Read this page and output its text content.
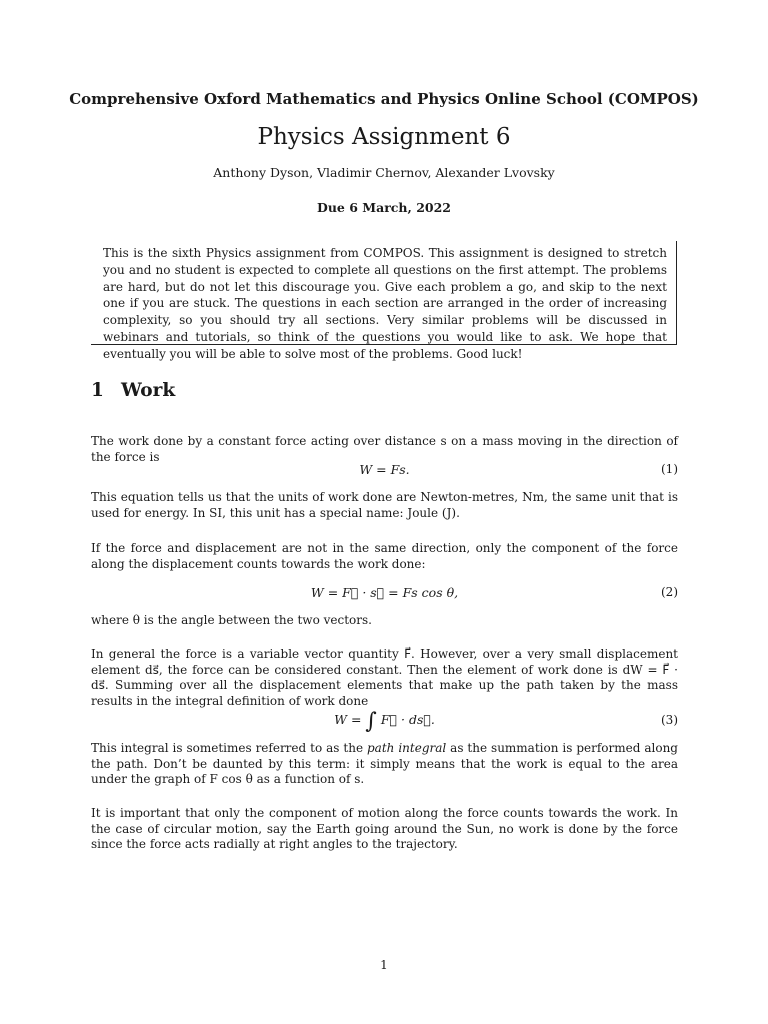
Comprehensive Oxford Mathematics and Physics Online School (COMPOS)
Physics Assignment 6
Anthony Dyson, Vladimir Chernov, Alexander Lvovsky
Due 6 March, 2022
This is the sixth Physics assignment from COMPOS. This assignment is designed to stretch you and no student is expected to complete all questions on the first attempt. The problems are hard, but do not let this discourage you. Give each problem a go, and skip to the next one if you are stuck. The questions in each section are arranged in the order of increasing complexity, so you should try all sections. Very similar problems will be discussed in webinars and tutorials, so think of the questions you would like to ask. We hope that eventually you will be able to solve most of the problems. Good luck!
1 Work
The work done by a constant force acting over distance s on a mass moving in the direction of the force is
W = Fs.	(1)
This equation tells us that the units of work done are Newton-metres, Nm, the same unit that is used for energy. In SI, this unit has a special name: Joule (J).
If the force and displacement are not in the same direction, only the component of the force along the displacement counts towards the work done:
W = F⃗ · s⃗ = Fs cos θ,	(2)
where θ is the angle between the two vectors.
In general the force is a variable vector quantity F⃗. However, over a very small displacement element ds⃗, the force can be considered constant. Then the element of work done is dW = F⃗ · ds⃗. Summing over all the displacement elements that make up the path taken by the mass results in the integral definition of work done
W = ∫ F⃗ · ds⃗.	(3)
This integral is sometimes referred to as the path integral as the summation is performed along the path. Don’t be daunted by this term: it simply means that the work is equal to the area under the graph of F cos θ as a function of s.
It is important that only the component of motion along the force counts towards the work. In the case of circular motion, say the Earth going around the Sun, no work is done by the force since the force acts radially at right angles to the trajectory.
1
